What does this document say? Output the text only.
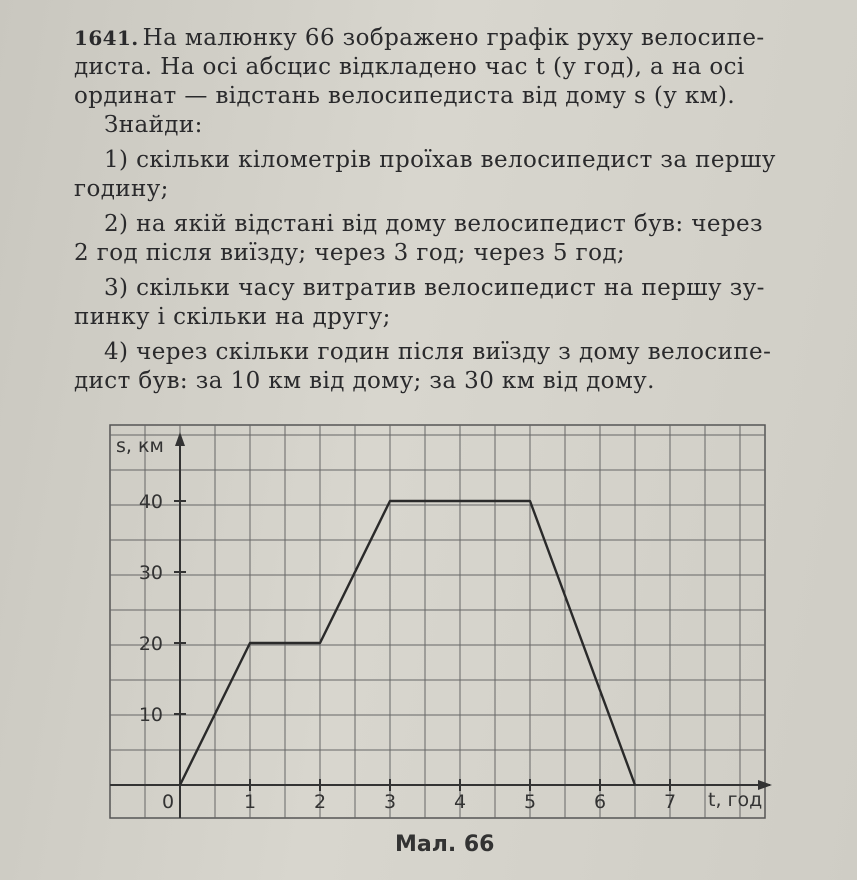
1641. На малюнку 66 зображено графік руху велосипе-

диста. На осі абсцис відкладено час t (у год), а на осі

ординат — відстань велосипедиста від дому s (у км).

Знайди:

1) скільки кілометрів проїхав велосипедист за першу

годину;

2) на якій відстані від дому велосипедист був: через

2 год після виїзду; через 3 год; через 5 год;

3) скільки часу витратив велосипедист на першу зу-

пинку і скільки на другу;

4) через скільки годин після виїзду з дому велосипе-

дист був: за 10 км від дому; за 30 км від дому.

0	1	2	3	4	5	6	7
10
20
30
40
s, км
t, год
Мал. 66
